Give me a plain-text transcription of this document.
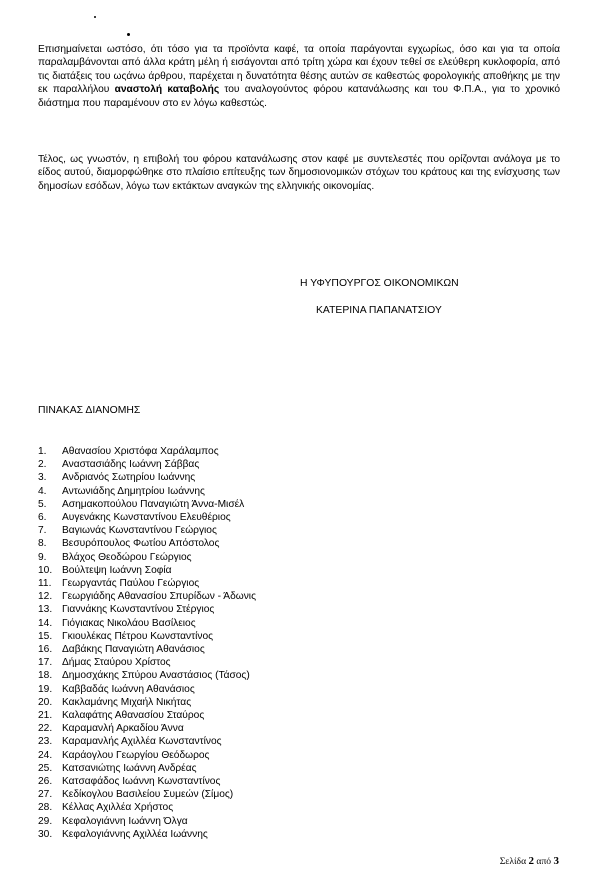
Επισημαίνεται ωστόσο, ότι τόσο για τα προϊόντα καφέ, τα οποία παράγονται εγχωρίως, όσο και για τα οποία παραλαμβάνονται από άλλα κράτη μέλη ή εισάγονται από τρίτη χώρα και έχουν τεθεί σε ελεύθερη κυκλοφορία, από τις διατάξεις του ωςάνω άρθρου, παρέχεται η δυνατότητα θέσης αυτών σε καθεστώς φορολογικής αποθήκης με την εκ παραλλήλου αναστολή καταβολής του αναλογούντος φόρου κατανάλωσης και του Φ.Π.Α., για το χρονικό διάστημα που παραμένουν στο εν λόγω καθεστώς.

Τέλος, ως γνωστόν, η επιβολή του φόρου κατανάλωσης στον καφέ με συντελεστές που ορίζονται ανάλογα με το είδος αυτού, διαμορφώθηκε στο πλαίσιο επίτευξης των δημοσιονομικών στόχων του κράτους και της ενίσχυσης των δημοσίων εσόδων, λόγω των εκτάκτων αναγκών της ελληνικής οικονομίας.

Η ΥΦΥΠΟΥΡΓΟΣ ΟΙΚΟΝΟΜΙΚΩΝ
ΚΑΤΕΡΙΝΑ ΠΑΠΑΝΑΤΣΙΟΥ
ΠΙΝΑΚΑΣ ΔΙΑΝΟΜΗΣ
1.	Αθανασίου Χριστόφα Χαράλαμπος
2.	Αναστασιάδης Ιωάννη Σάββας
3.	Ανδριανός Σωτηρίου Ιωάννης
4.	Αντωνιάδης Δημητρίου Ιωάννης
5.	Ασημακοπούλου Παναγιώτη Άννα-Μισέλ
6.	Αυγενάκης Κωνσταντίνου Ελευθέριος
7.	Βαγιωνάς Κωνσταντίνου Γεώργιος
8.	Βεσυρόπουλος Φωτίου Απόστολος
9.	Βλάχος Θεοδώρου Γεώργιος
10. Βούλτεψη Ιωάννη Σοφία
11.	Γεωργαντάς Παύλου Γεώργιος
12. Γεωργιάδης Αθανασίου Σπυρίδων - Άδωνις
13. Γιαννάκης Κωνσταντίνου Στέργιος
14. Γιόγιακας Νικολάου Βασίλειος
15. Γκιουλέκας Πέτρου Κωνσταντίνος
16. Δαβάκης Παναγιώτη Αθανάσιος
17. Δήμας Σταύρου Χρίστος
18. Δημοσχάκης Σπύρου Αναστάσιος (Τάσος)
19. Καββαδάς Ιωάννη Αθανάσιος
20. Κακλαμάνης Μιχαήλ Νικήτας
21. Καλαφάτης Αθανασίου Σταύρος
22. Καραμανλή Αρκαδίου Άννα
23. Καραμανλής Αχιλλέα Κωνσταντίνος
24. Καράογλου Γεωργίου Θεόδωρος
25. Κατσανιώτης Ιωάννη Ανδρέας
26. Κατσαφάδος Ιωάννη Κωνσταντίνος
27. Κεδίκογλου Βασιλείου Συμεών (Σίμος)
28. Κέλλας Αχιλλέα Χρήστος
29. Κεφαλογιάννη Ιωάννη Όλγα
30. Κεφαλογιάννης Αχιλλέα Ιωάννης
Σελίδα 2 από 3
